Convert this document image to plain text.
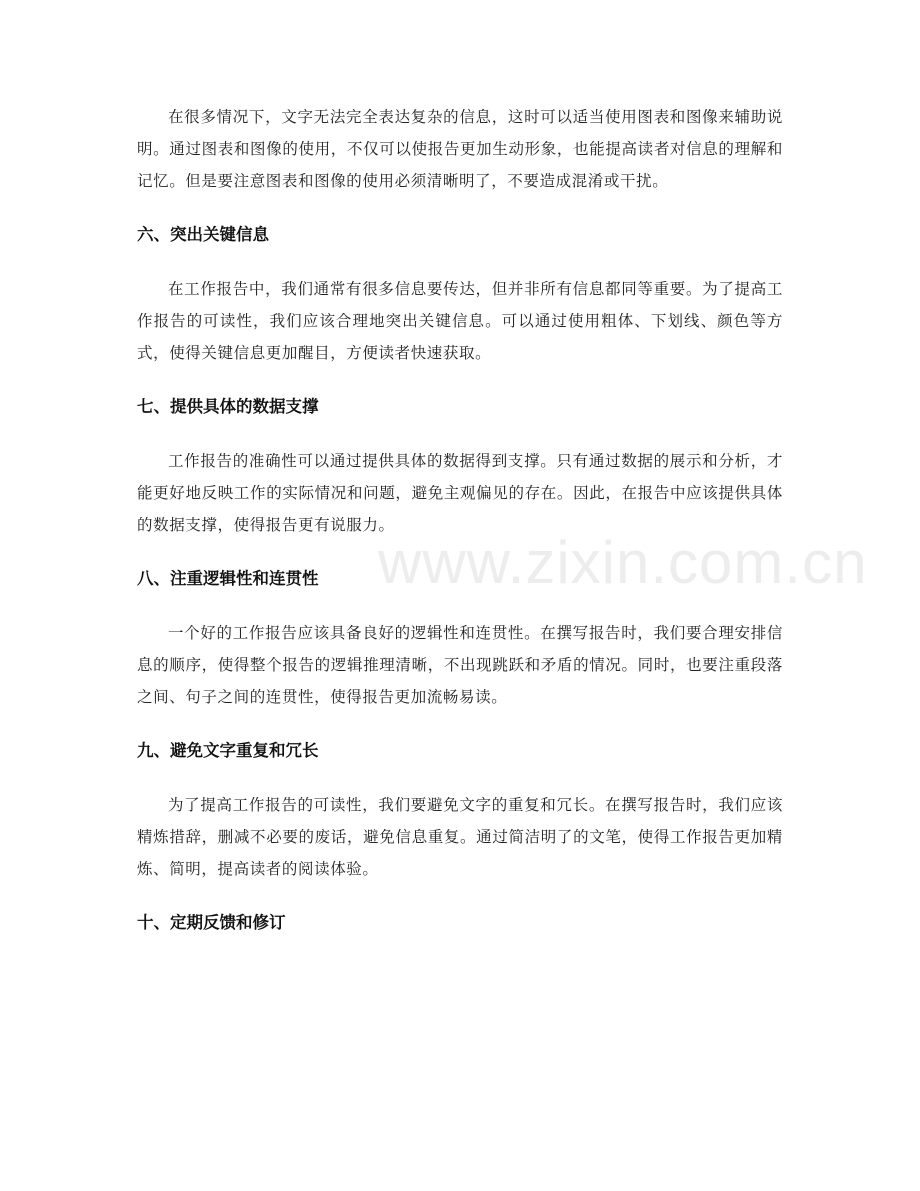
www.zixin.com.cn

在很多情况下，文字无法完全表达复杂的信息，这时可以适当使用图表和图像来辅助说明。通过图表和图像的使用，不仅可以使报告更加生动形象，也能提高读者对信息的理解和记忆。但是要注意图表和图像的使用必须清晰明了，不要造成混淆或干扰。

六、突出关键信息

在工作报告中，我们通常有很多信息要传达，但并非所有信息都同等重要。为了提高工作报告的可读性，我们应该合理地突出关键信息。可以通过使用粗体、下划线、颜色等方式，使得关键信息更加醒目，方便读者快速获取。

七、提供具体的数据支撑

工作报告的准确性可以通过提供具体的数据得到支撑。只有通过数据的展示和分析，才能更好地反映工作的实际情况和问题，避免主观偏见的存在。因此，在报告中应该提供具体的数据支撑，使得报告更有说服力。

八、注重逻辑性和连贯性

一个好的工作报告应该具备良好的逻辑性和连贯性。在撰写报告时，我们要合理安排信息的顺序，使得整个报告的逻辑推理清晰，不出现跳跃和矛盾的情况。同时，也要注重段落之间、句子之间的连贯性，使得报告更加流畅易读。

九、避免文字重复和冗长

为了提高工作报告的可读性，我们要避免文字的重复和冗长。在撰写报告时，我们应该精炼措辞，删减不必要的废话，避免信息重复。通过简洁明了的文笔，使得工作报告更加精炼、简明，提高读者的阅读体验。

十、定期反馈和修订
